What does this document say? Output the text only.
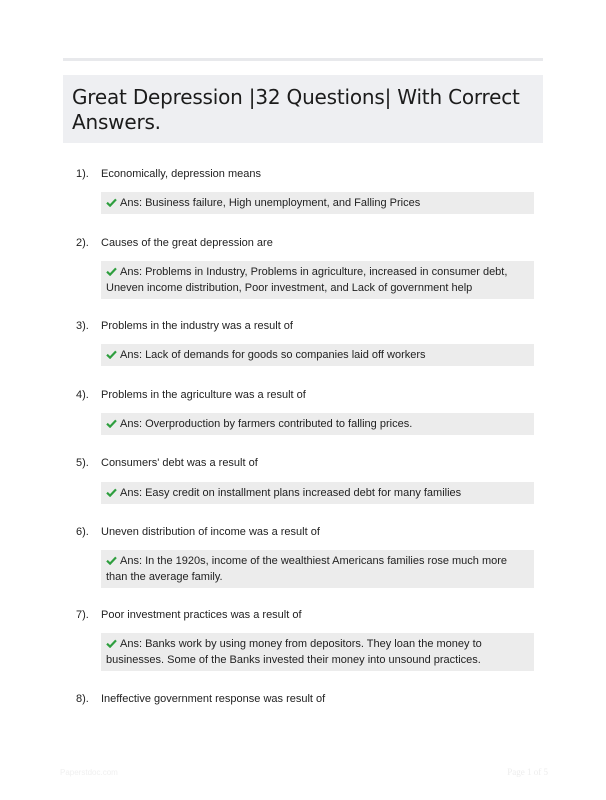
Great Depression |32 Questions| With Correct Answers.
1). Economically, depression means
Ans: Business failure, High unemployment, and Falling Prices
2). Causes of the great depression are
Ans: Problems in Industry, Problems in agriculture, increased in consumer debt, Uneven income distribution, Poor investment, and Lack of government help
3). Problems in the industry was a result of
Ans: Lack of demands for goods so companies laid off workers
4). Problems in the agriculture was a result of
Ans: Overproduction by farmers contributed to falling prices.
5). Consumers' debt was a result of
Ans: Easy credit on installment plans increased debt for many families
6). Uneven distribution of income was a result of
Ans: In the 1920s, income of the wealthiest Americans families rose much more than the average family.
7). Poor investment practices was a result of
Ans: Banks work by using money from depositors. They loan the money to businesses. Some of the Banks invested their money into unsound practices.
8). Ineffective government response was result of
Paperstdoc.com	Page 1 of 5
